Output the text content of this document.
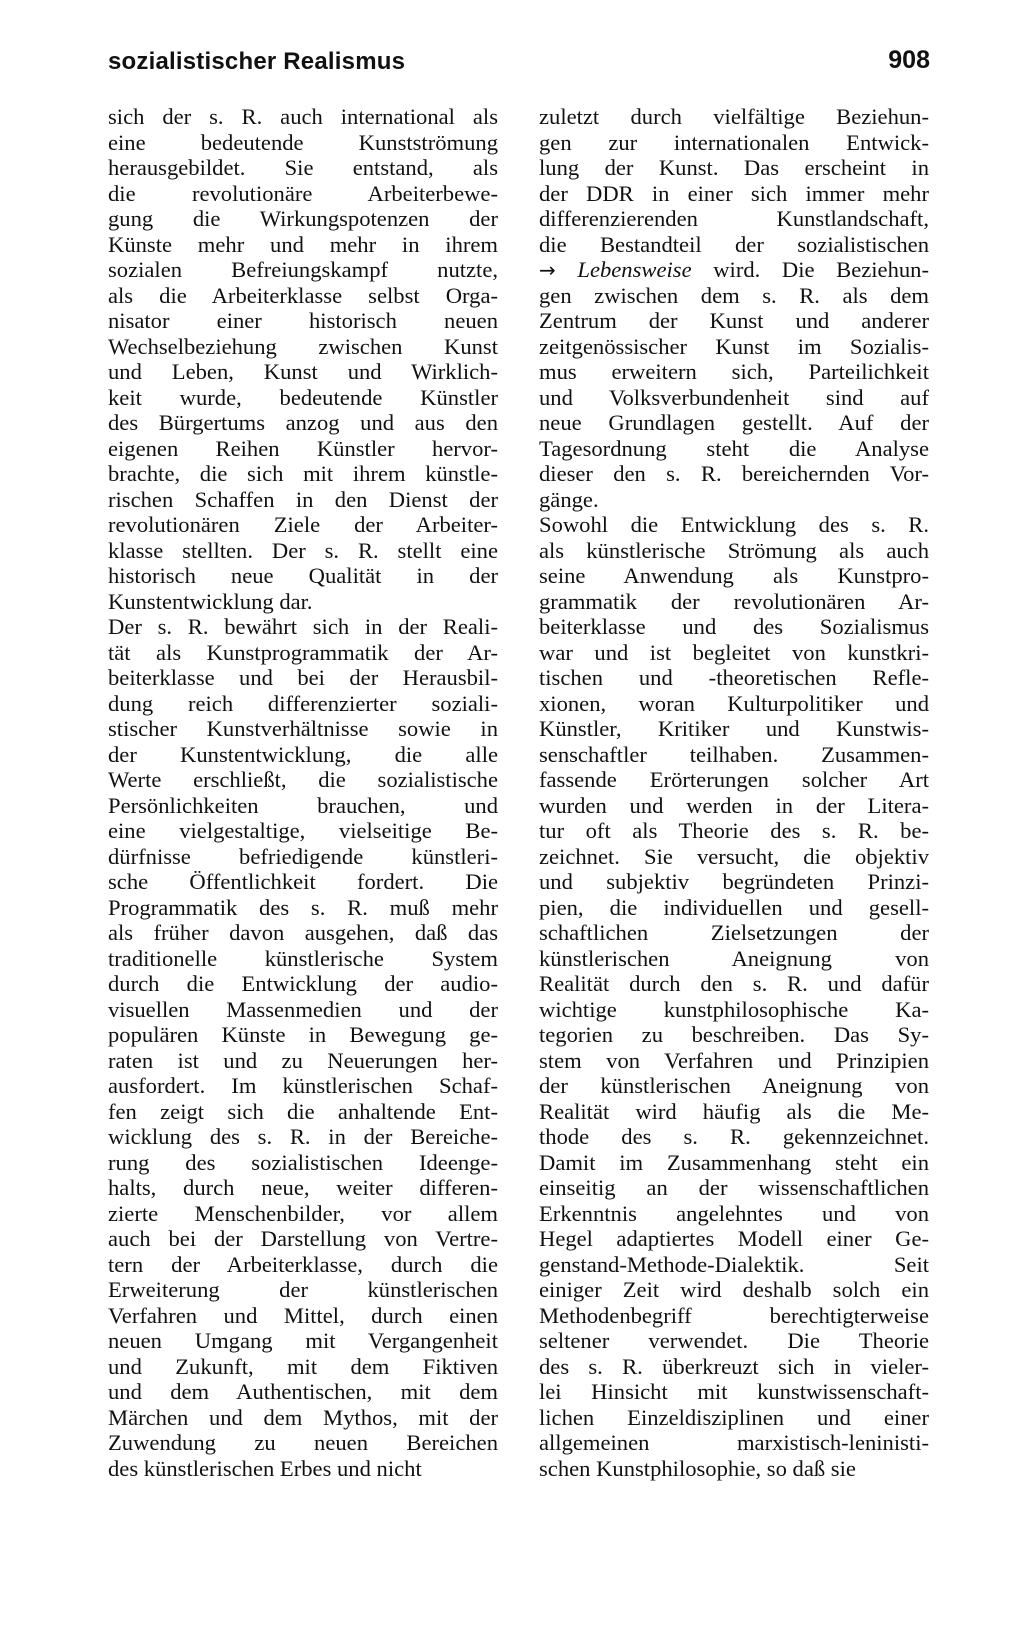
sozialistischer Realismus	908
sich der s. R. auch international als
eine bedeutende Kunstströmung
herausgebildet. Sie entstand, als
die revolutionäre Arbeiterbewe-
gung die Wirkungspotenzen der
Künste mehr und mehr in ihrem
sozialen Befreiungskampf nutzte,
als die Arbeiterklasse selbst Orga-
nisator einer historisch neuen
Wechselbeziehung zwischen Kunst
und Leben, Kunst und Wirklich-
keit wurde, bedeutende Künstler
des Bürgertums anzog und aus den
eigenen Reihen Künstler hervor-
brachte, die sich mit ihrem künstle-
rischen Schaffen in den Dienst der
revolutionären Ziele der Arbeiter-
klasse stellten. Der s. R. stellt eine
historisch neue Qualität in der
Kunstentwicklung dar.
Der s. R. bewährt sich in der Reali-
tät als Kunstprogrammatik der Ar-
beiterklasse und bei der Herausbil-
dung reich differenzierter soziali-
stischer Kunstverhältnisse sowie in
der Kunstentwicklung, die alle
Werte erschließt, die sozialistische
Persönlichkeiten brauchen, und
eine vielgestaltige, vielseitige Be-
dürfnisse befriedigende künstleri-
sche Öffentlichkeit fordert. Die
Programmatik des s. R. muß mehr
als früher davon ausgehen, daß das
traditionelle künstlerische System
durch die Entwicklung der audio-
visuellen Massenmedien und der
populären Künste in Bewegung ge-
raten ist und zu Neuerungen her-
ausfordert. Im künstlerischen Schaf-
fen zeigt sich die anhaltende Ent-
wicklung des s. R. in der Bereiche-
rung des sozialistischen Ideenge-
halts, durch neue, weiter differen-
zierte Menschenbilder, vor allem
auch bei der Darstellung von Vertre-
tern der Arbeiterklasse, durch die
Erweiterung der künstlerischen
Verfahren und Mittel, durch einen
neuen Umgang mit Vergangenheit
und Zukunft, mit dem Fiktiven
und dem Authentischen, mit dem
Märchen und dem Mythos, mit der
Zuwendung zu neuen Bereichen
des künstlerischen Erbes und nicht
zuletzt durch vielfältige Beziehun-
gen zur internationalen Entwick-
lung der Kunst. Das erscheint in
der DDR in einer sich immer mehr
differenzierenden Kunstlandschaft,
die Bestandteil der sozialistischen
→ Lebensweise wird. Die Beziehun-
gen zwischen dem s. R. als dem
Zentrum der Kunst und anderer
zeitgenössischer Kunst im Sozialis-
mus erweitern sich, Parteilichkeit
und Volksverbundenheit sind auf
neue Grundlagen gestellt. Auf der
Tagesordnung steht die Analyse
dieser den s. R. bereichernden Vor-
gänge.
Sowohl die Entwicklung des s. R.
als künstlerische Strömung als auch
seine Anwendung als Kunstpro-
grammatik der revolutionären Ar-
beiterklasse und des Sozialismus
war und ist begleitet von kunstkri-
tischen und -theoretischen Refle-
xionen, woran Kulturpolitiker und
Künstler, Kritiker und Kunstwis-
senschaftler teilhaben. Zusammen-
fassende Erörterungen solcher Art
wurden und werden in der Litera-
tur oft als Theorie des s. R. be-
zeichnet. Sie versucht, die objektiv
und subjektiv begründeten Prinzi-
pien, die individuellen und gesell-
schaftlichen Zielsetzungen der
künstlerischen Aneignung von
Realität durch den s. R. und dafür
wichtige kunstphilosophische Ka-
tegorien zu beschreiben. Das Sy-
stem von Verfahren und Prinzipien
der künstlerischen Aneignung von
Realität wird häufig als die Me-
thode des s. R. gekennzeichnet.
Damit im Zusammenhang steht ein
einseitig an der wissenschaftlichen
Erkenntnis angelehntes und von
Hegel adaptiertes Modell einer Ge-
genstand-Methode-Dialektik. Seit
einiger Zeit wird deshalb solch ein
Methodenbegriff berechtigterweise
seltener verwendet. Die Theorie
des s. R. überkreuzt sich in vieler-
lei Hinsicht mit kunstwissenschaft-
lichen Einzeldisziplinen und einer
allgemeinen marxistisch-leninisti-
schen Kunstphilosophie, so daß sie
